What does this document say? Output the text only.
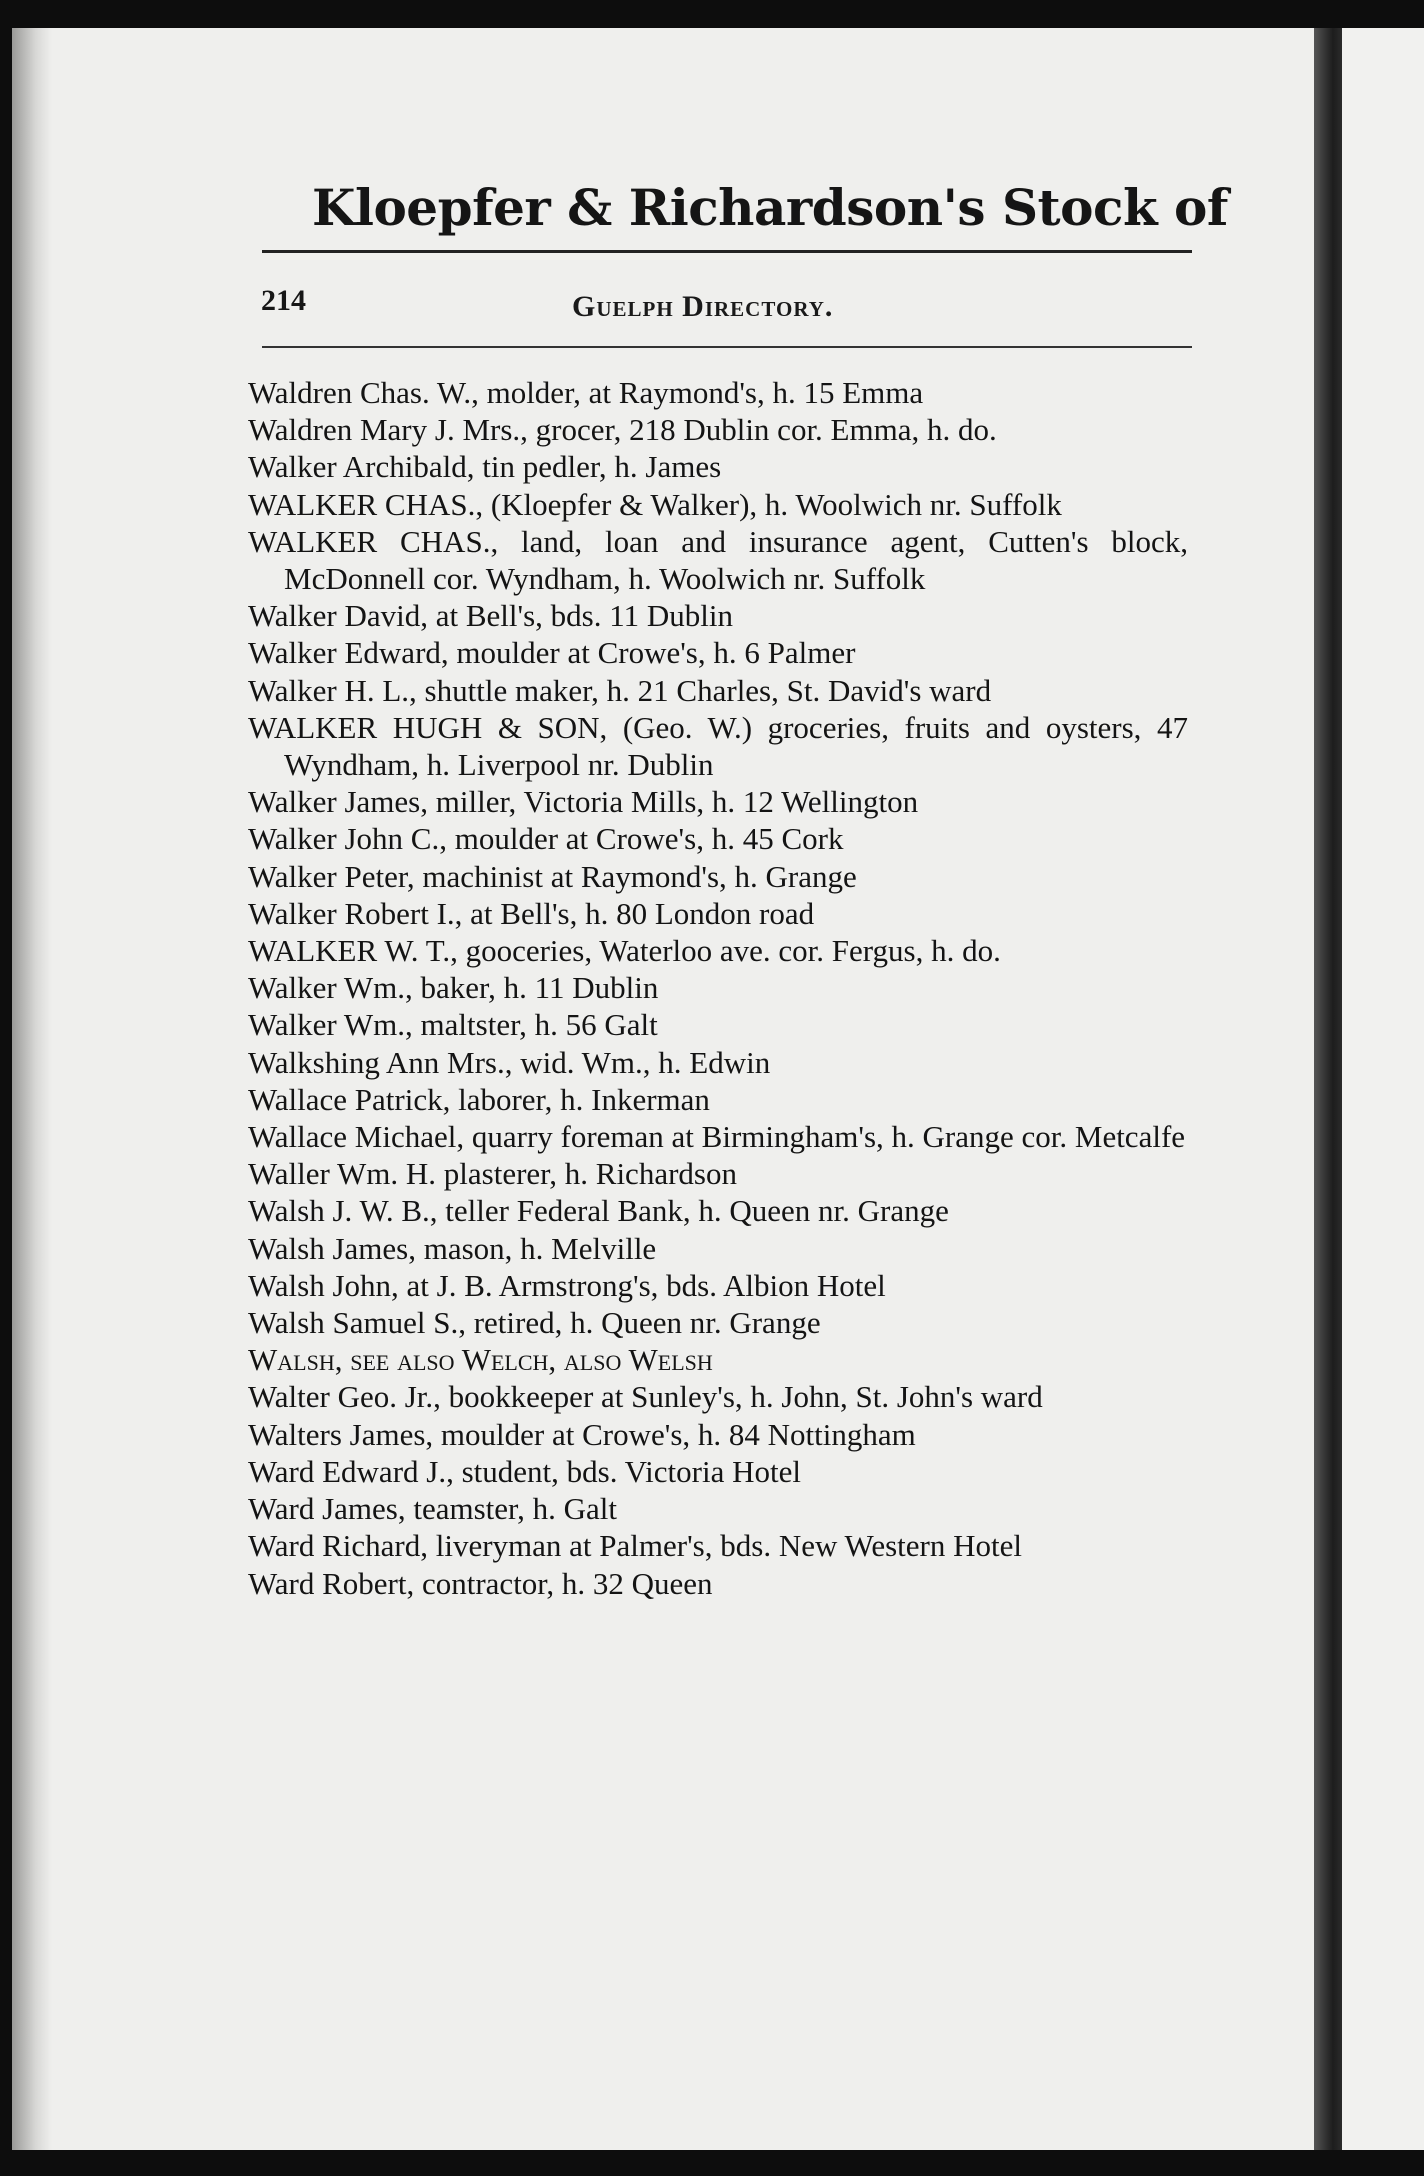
Kloepfer & Richardson's Stock of
214	Guelph Directory.
Waldren Chas. W., molder, at Raymond's, h. 15 Emma
Waldren Mary J. Mrs., grocer, 218 Dublin cor. Emma, h. do.
Walker Archibald, tin pedler, h. James
WALKER CHAS., (Kloepfer & Walker), h. Woolwich nr. Suffolk
WALKER CHAS., land, loan and insurance agent, Cutten's block, McDonnell cor. Wyndham, h. Woolwich nr. Suffolk
Walker David, at Bell's, bds. 11 Dublin
Walker Edward, moulder at Crowe's, h. 6 Palmer
Walker H. L., shuttle maker, h. 21 Charles, St. David's ward
WALKER HUGH & SON, (Geo. W.) groceries, fruits and oysters, 47 Wyndham, h. Liverpool nr. Dublin
Walker James, miller, Victoria Mills, h. 12 Wellington
Walker John C., moulder at Crowe's, h. 45 Cork
Walker Peter, machinist at Raymond's, h. Grange
Walker Robert I., at Bell's, h. 80 London road
WALKER W. T., gooceries, Waterloo ave. cor. Fergus, h. do.
Walker Wm., baker, h. 11 Dublin
Walker Wm., maltster, h. 56 Galt
Walkshing Ann Mrs., wid. Wm., h. Edwin
Wallace Patrick, laborer, h. Inkerman
Wallace Michael, quarry foreman at Birmingham's, h. Grange cor. Metcalfe
Waller Wm. H. plasterer, h. Richardson
Walsh J. W. B., teller Federal Bank, h. Queen nr. Grange
Walsh James, mason, h. Melville
Walsh John, at J. B. Armstrong's, bds. Albion Hotel
Walsh Samuel S., retired, h. Queen nr. Grange
Walsh, see also Welch, also Welsh
Walter Geo. Jr., bookkeeper at Sunley's, h. John, St. John's ward
Walters James, moulder at Crowe's, h. 84 Nottingham
Ward Edward J., student, bds. Victoria Hotel
Ward James, teamster, h. Galt
Ward Richard, liveryman at Palmer's, bds. New Western Hotel
Ward Robert, contractor, h. 32 Queen
